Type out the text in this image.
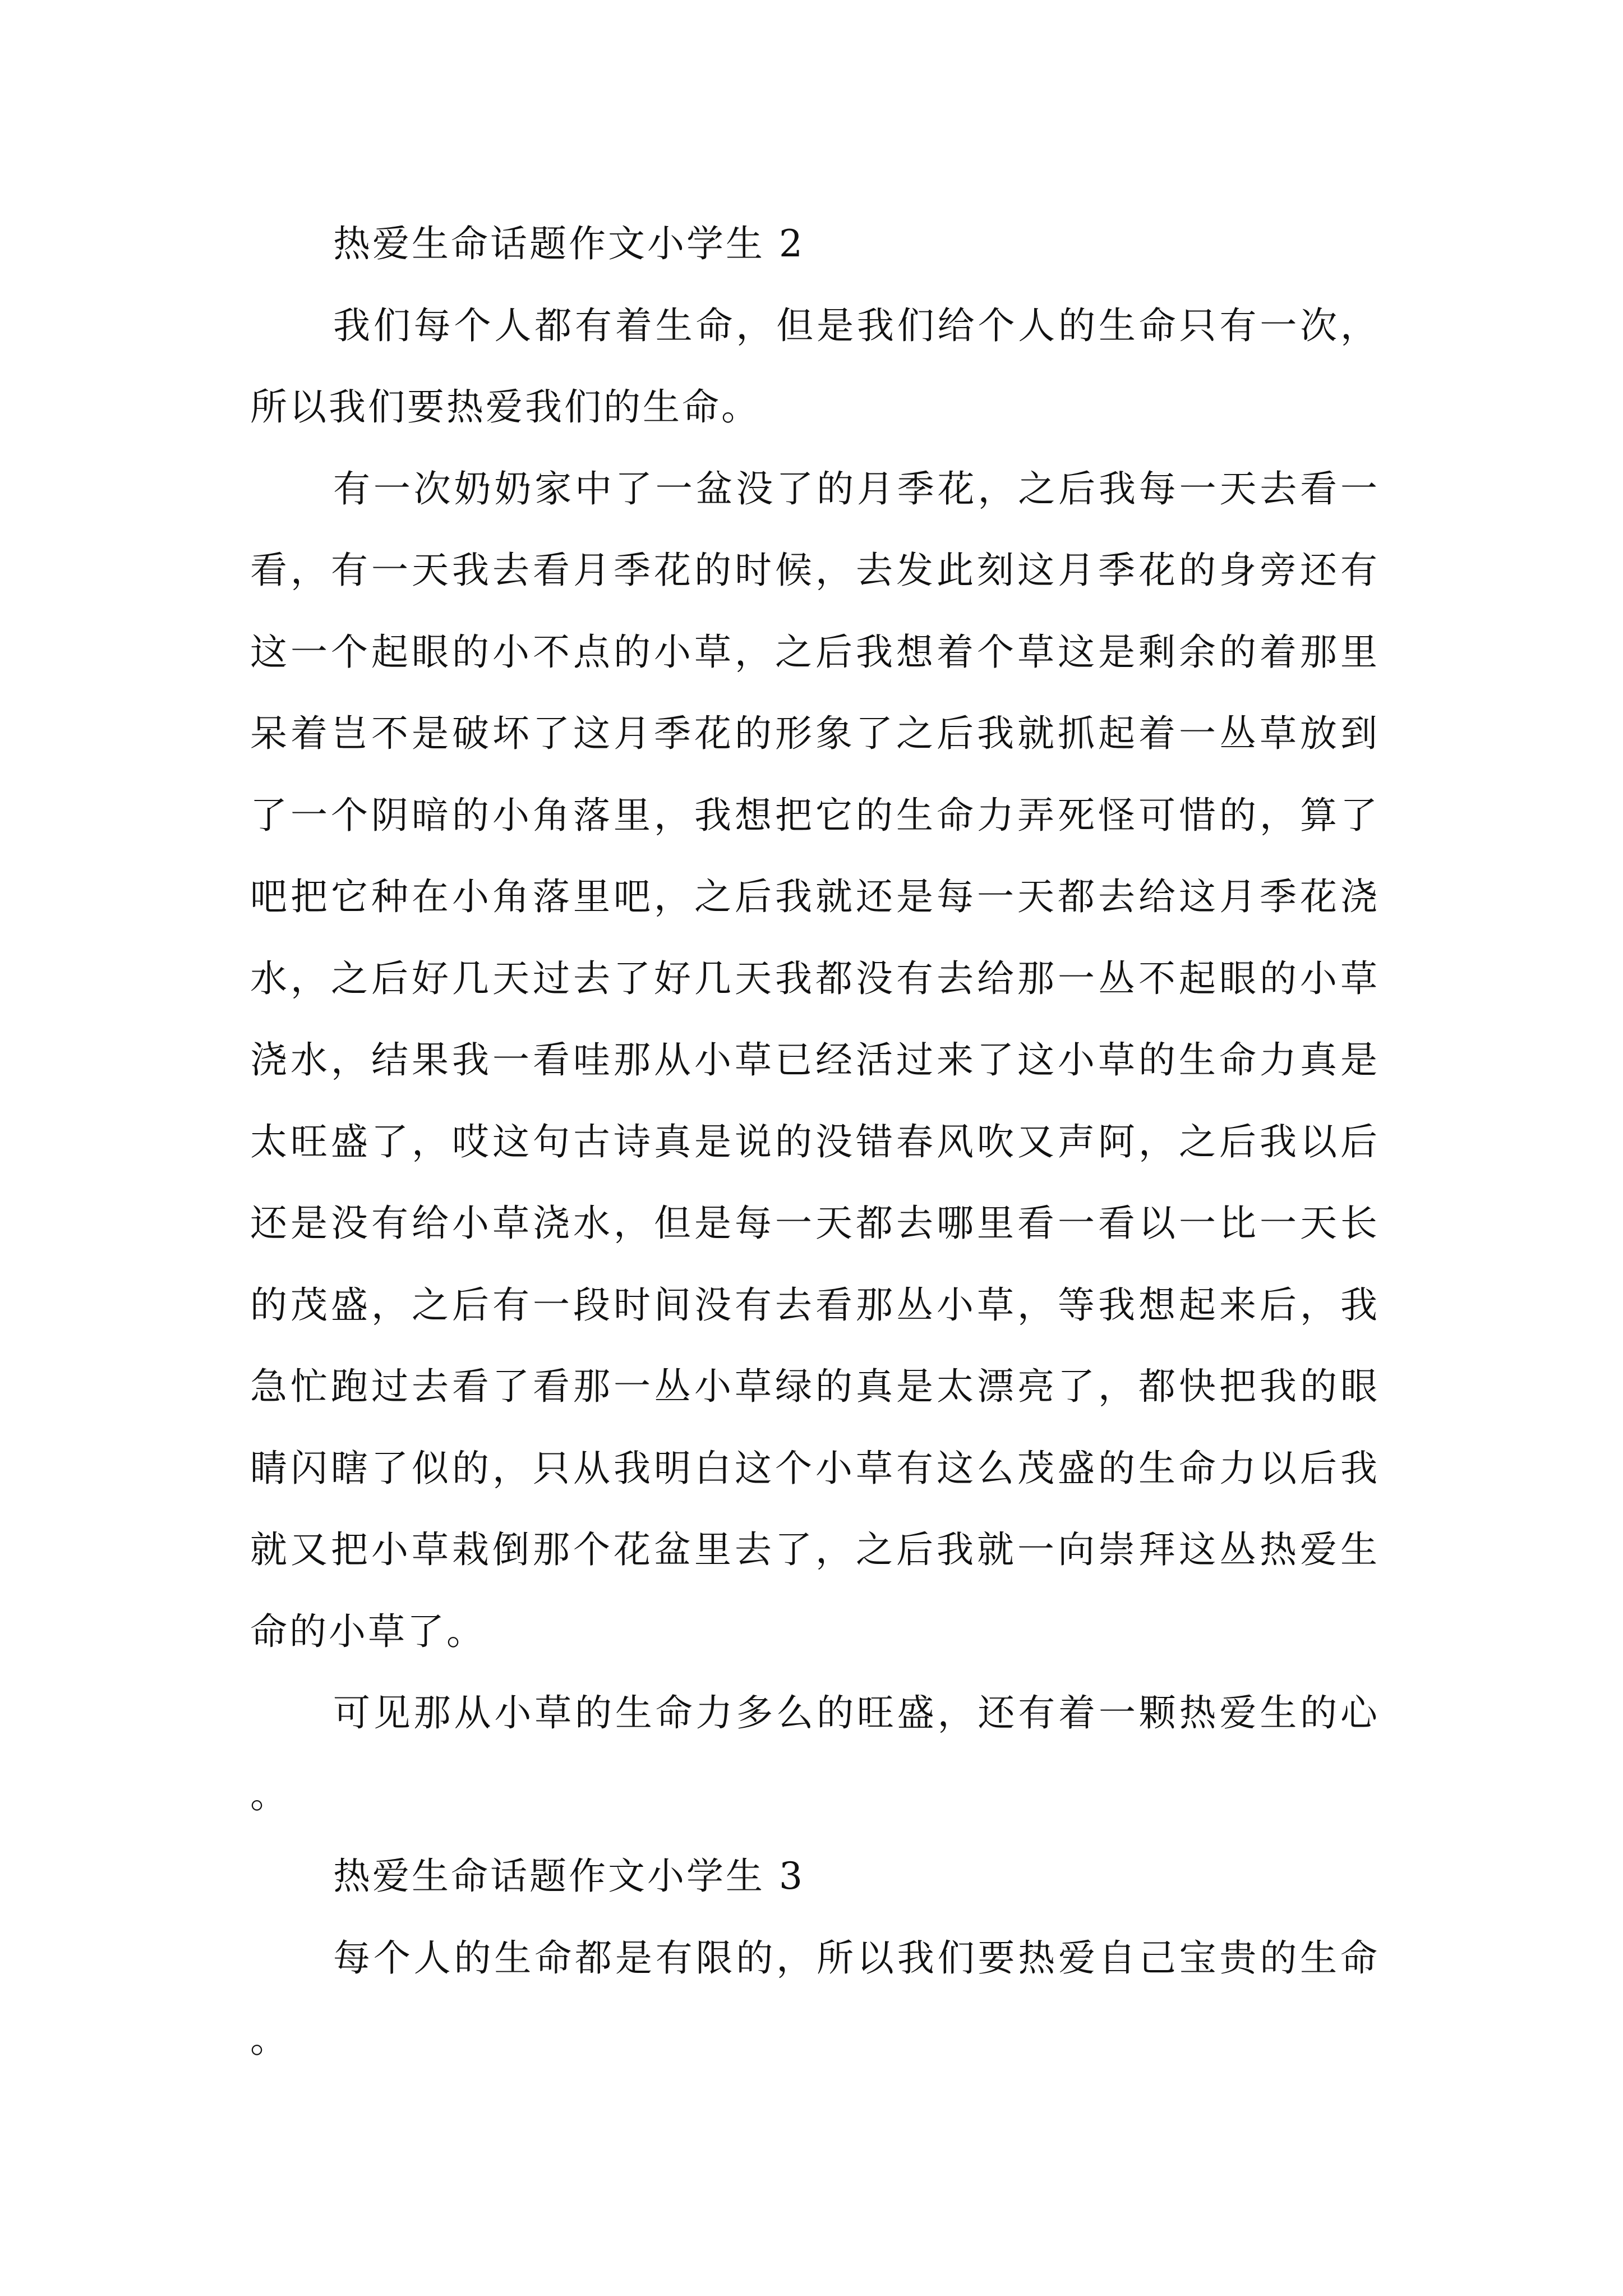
热爱生命话题作文小学生 2

我们每个人都有着生命，但是我们给个人的生命只有一次，所以我们要热爱我们的生命。

有一次奶奶家中了一盆没了的月季花，之后我每一天去看一看，有一天我去看月季花的时候，去发此刻这月季花的身旁还有这一个起眼的小不点的小草，之后我想着个草这是剩余的着那里呆着岂不是破坏了这月季花的形象了之后我就抓起着一丛草放到了一个阴暗的小角落里，我想把它的生命力弄死怪可惜的，算了吧把它种在小角落里吧，之后我就还是每一天都去给这月季花浇水，之后好几天过去了好几天我都没有去给那一丛不起眼的小草浇水，结果我一看哇那从小草已经活过来了这小草的生命力真是太旺盛了，哎这句古诗真是说的没错春风吹又声阿，之后我以后还是没有给小草浇水，但是每一天都去哪里看一看以一比一天长的茂盛，之后有一段时间没有去看那丛小草，等我想起来后，我急忙跑过去看了看那一丛小草绿的真是太漂亮了，都快把我的眼睛闪瞎了似的，只从我明白这个小草有这么茂盛的生命力以后我就又把小草栽倒那个花盆里去了，之后我就一向崇拜这丛热爱生命的小草了。

可见那从小草的生命力多么的旺盛，还有着一颗热爱生的心。

热爱生命话题作文小学生 3

每个人的生命都是有限的，所以我们要热爱自己宝贵的生命。
